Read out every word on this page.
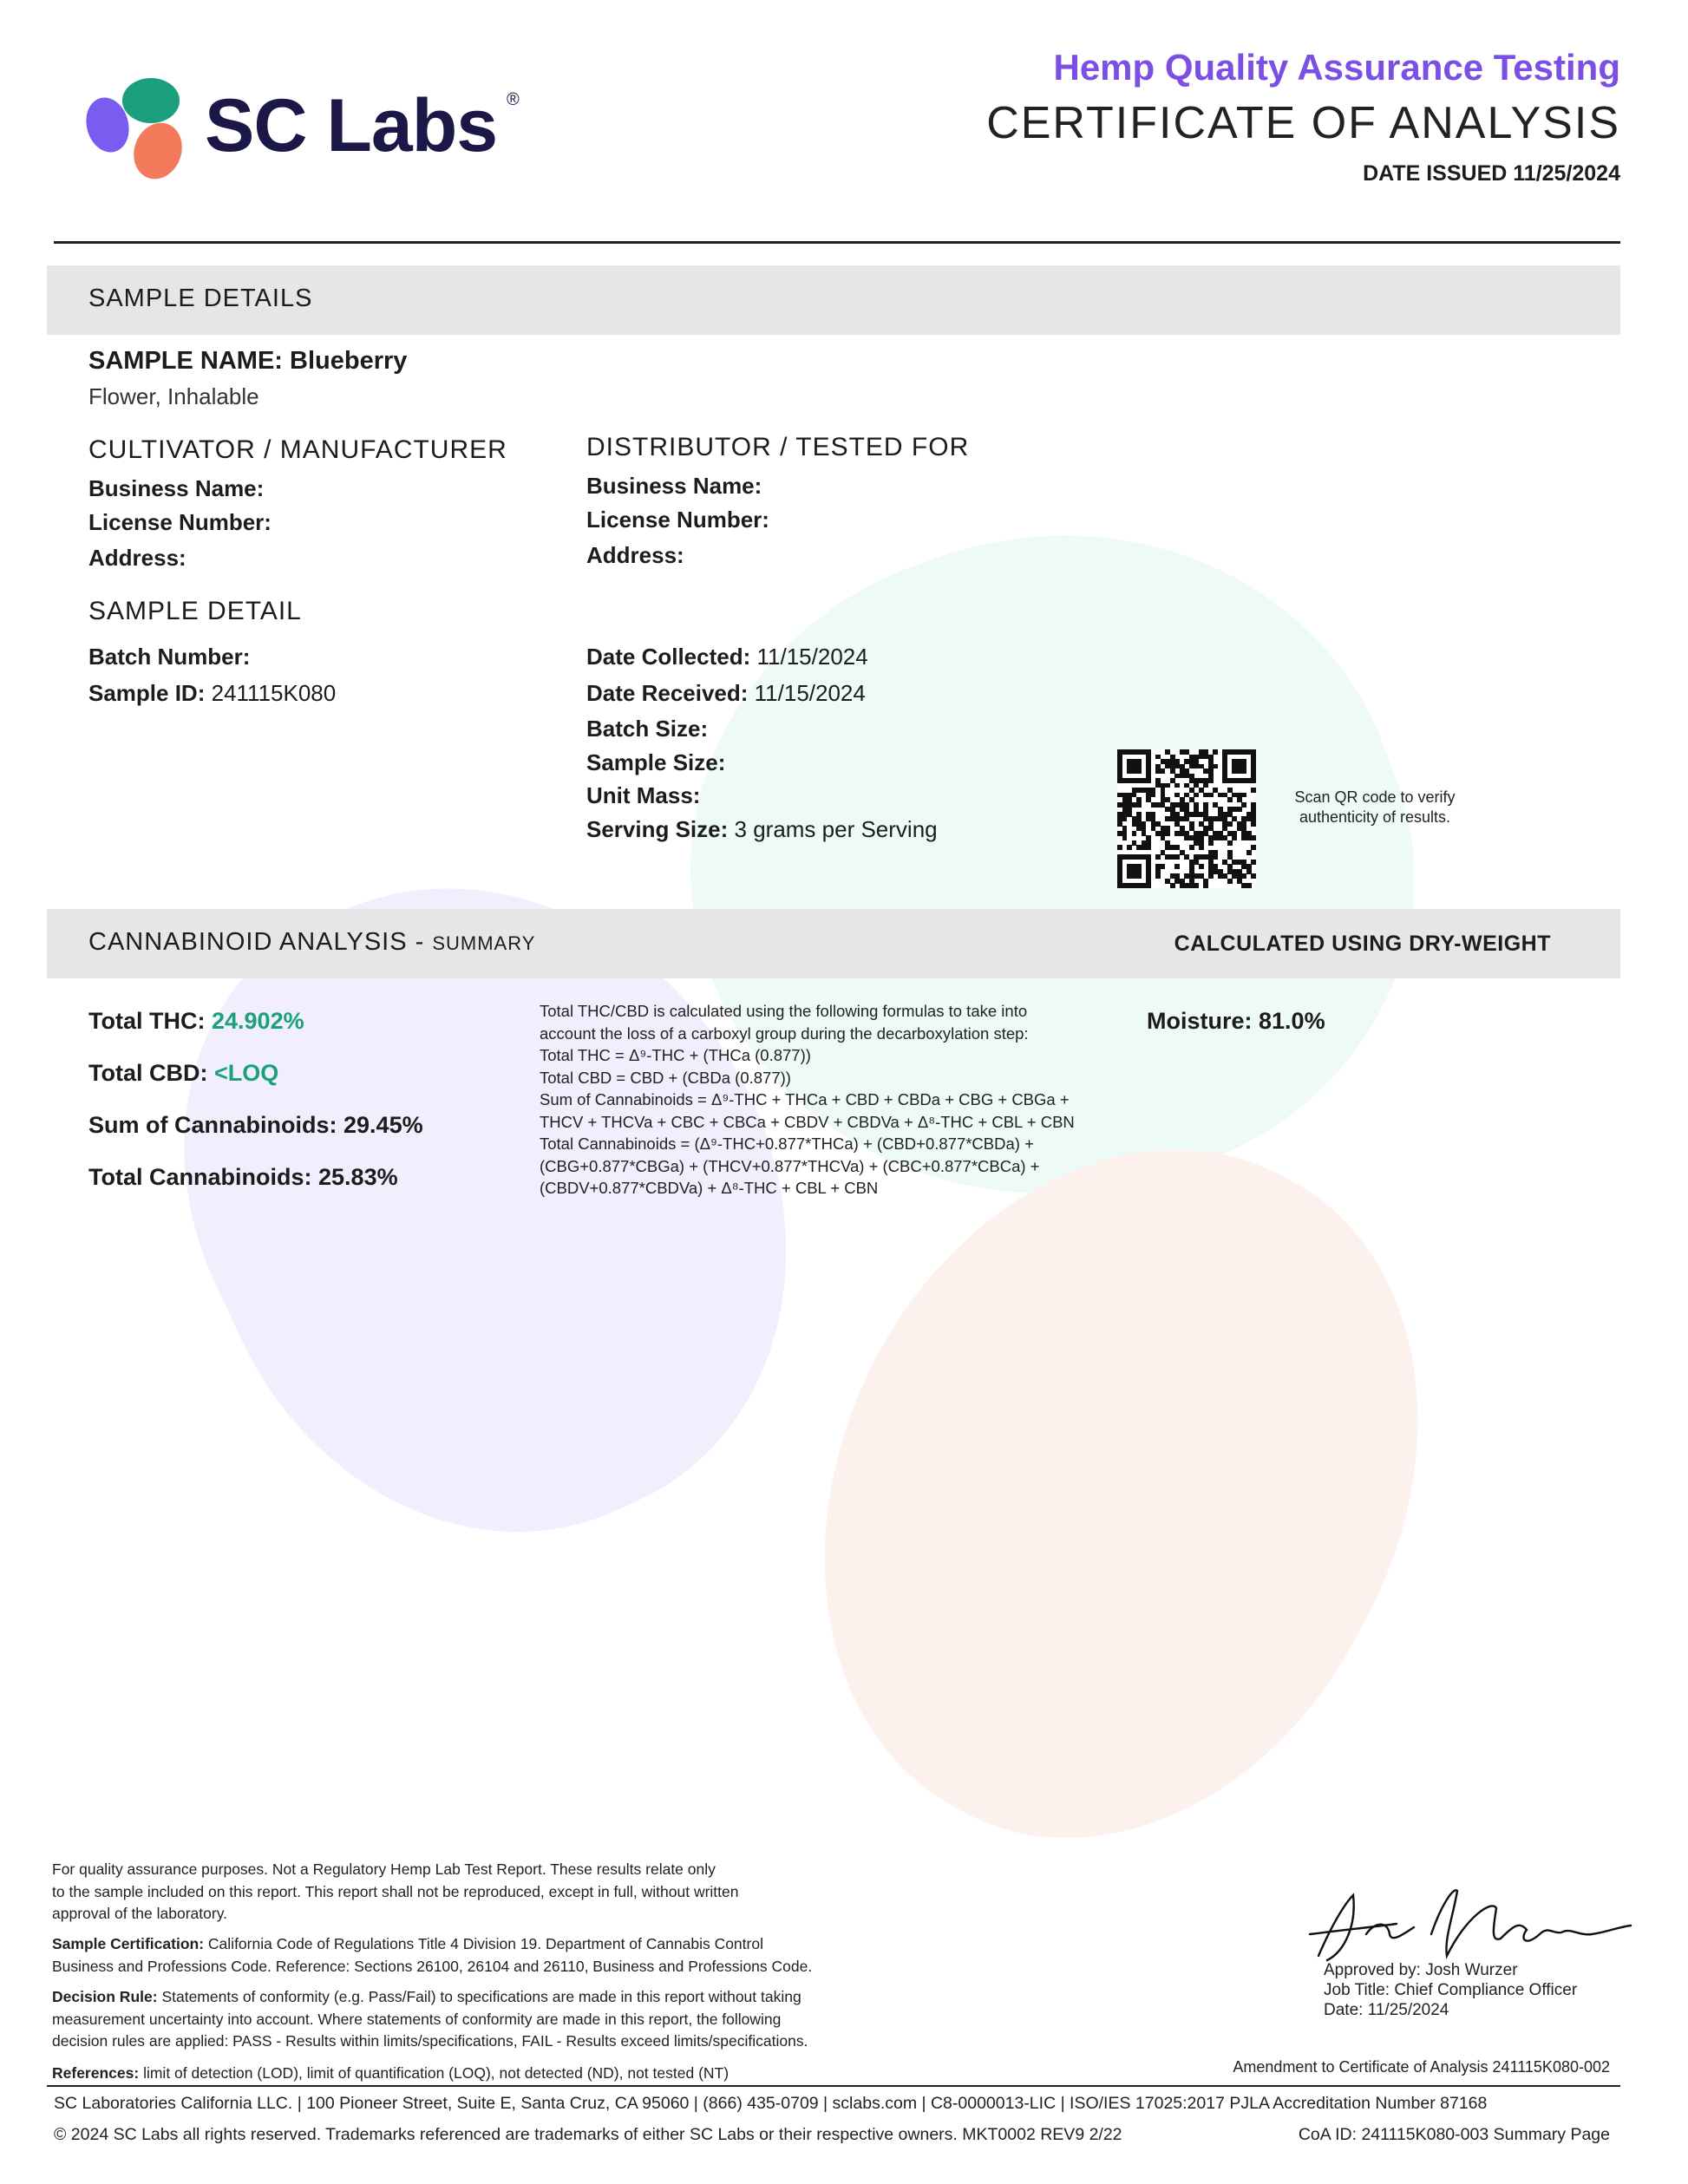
SC Labs ®
Hemp Quality Assurance Testing
CERTIFICATE OF ANALYSIS
DATE ISSUED 11/25/2024
SAMPLE DETAILS
SAMPLE NAME: Blueberry
Flower, Inhalable
CULTIVATOR / MANUFACTURER
Business Name:
License Number:
Address:
DISTRIBUTOR / TESTED FOR
Business Name:
License Number:
Address:
SAMPLE DETAIL
Batch Number:
Sample ID: 241115K080
Date Collected: 11/15/2024
Date Received: 11/15/2024
Batch Size:
Sample Size:
Unit Mass:
Serving Size: 3 grams per Serving
Scan QR code to verify
authenticity of results.
CANNABINOID ANALYSIS - SUMMARY	CALCULATED USING DRY-WEIGHT
Total THC: 24.902%
Total CBD: <LOQ
Sum of Cannabinoids: 29.45%
Total Cannabinoids: 25.83%
Total THC/CBD is calculated using the following formulas to take into
account the loss of a carboxyl group during the decarboxylation step:
Total THC = Δ⁹-THC + (THCa (0.877))
Total CBD = CBD + (CBDa (0.877))
Sum of Cannabinoids = Δ⁹-THC + THCa + CBD + CBDa + CBG + CBGa +
THCV + THCVa + CBC + CBCa + CBDV + CBDVa + Δ⁸-THC + CBL + CBN
Total Cannabinoids = (Δ⁹-THC+0.877*THCa) + (CBD+0.877*CBDa) +
(CBG+0.877*CBGa) + (THCV+0.877*THCVa) + (CBC+0.877*CBCa) +
(CBDV+0.877*CBDVa) + Δ⁸-THC + CBL + CBN
Moisture: 81.0%
For quality assurance purposes. Not a Regulatory Hemp Lab Test Report. These results relate only
to the sample included on this report. This report shall not be reproduced, except in full, without written
approval of the laboratory.
Sample Certification: California Code of Regulations Title 4 Division 19. Department of Cannabis Control
Business and Professions Code. Reference: Sections 26100, 26104 and 26110, Business and Professions Code.
Decision Rule: Statements of conformity (e.g. Pass/Fail) to specifications are made in this report without taking
measurement uncertainty into account. Where statements of conformity are made in this report, the following
decision rules are applied: PASS - Results within limits/specifications, FAIL - Results exceed limits/specifications.
References: limit of detection (LOD), limit of quantification (LOQ), not detected (ND), not tested (NT)
Approved by: Josh Wurzer
Job Title: Chief Compliance Officer
Date: 11/25/2024
Amendment to Certificate of Analysis 241115K080-002
SC Laboratories California LLC. | 100 Pioneer Street, Suite E, Santa Cruz, CA 95060 | (866) 435-0709 | sclabs.com | C8-0000013-LIC | ISO/IES 17025:2017 PJLA Accreditation Number 87168
© 2024 SC Labs all rights reserved. Trademarks referenced are trademarks of either SC Labs or their respective owners. MKT0002 REV9 2/22	CoA ID: 241115K080-003 Summary Page
